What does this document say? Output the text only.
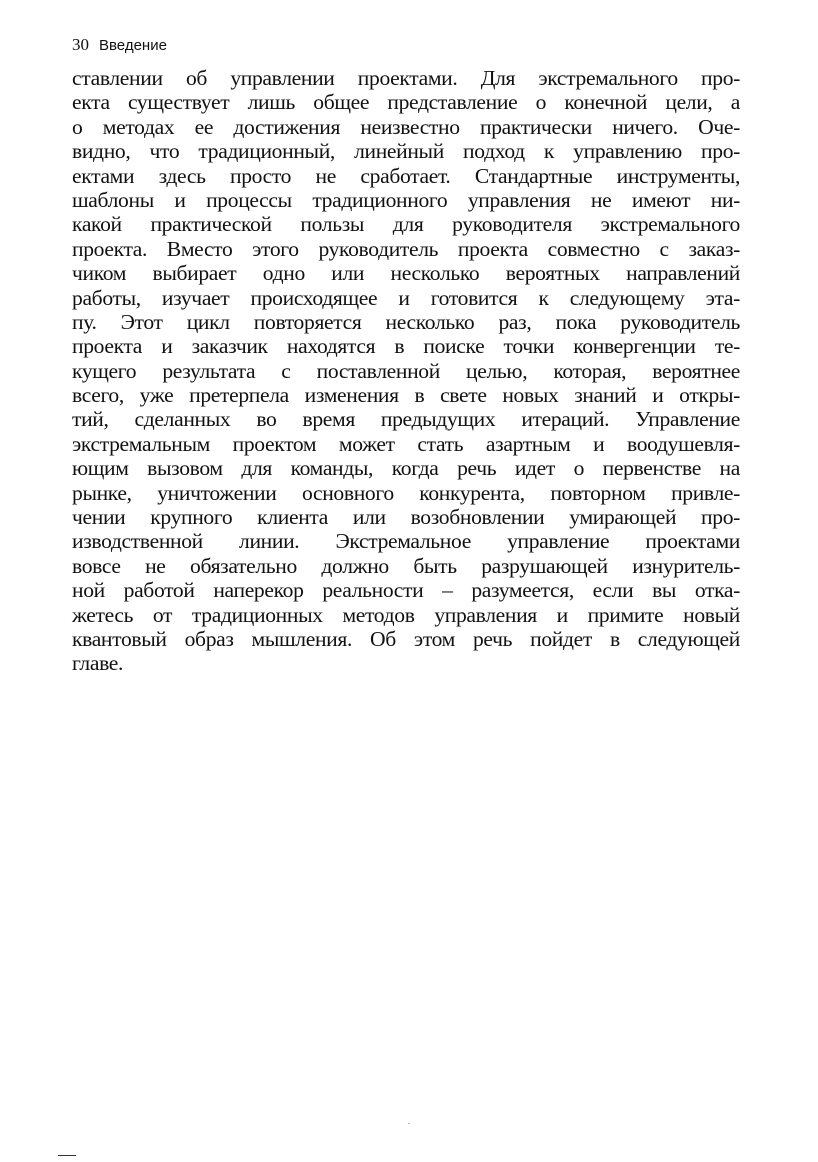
30 Введение
ставлении об управлении проектами. Для экстремального про-
екта существует лишь общее представление о конечной цели, а
о методах ее достижения неизвестно практически ничего. Оче-
видно, что традиционный, линейный подход к управлению про-
ектами здесь просто не сработает. Стандартные инструменты,
шаблоны и процессы традиционного управления не имеют ни-
какой практической пользы для руководителя экстремального
проекта. Вместо этого руководитель проекта совместно с заказ-
чиком выбирает одно или несколько вероятных направлений
работы, изучает происходящее и готовится к следующему эта-
пу. Этот цикл повторяется несколько раз, пока руководитель
проекта и заказчик находятся в поиске точки конвергенции те-
кущего результата с поставленной целью, которая, вероятнее
всего, уже претерпела изменения в свете новых знаний и откры-
тий, сделанных во время предыдущих итераций. Управление
экстремальным проектом может стать азартным и воодушевля-
ющим вызовом для команды, когда речь идет о первенстве на
рынке, уничтожении основного конкурента, повторном привле-
чении крупного клиента или возобновлении умирающей про-
изводственной линии. Экстремальное управление проектами
вовсе не обязательно должно быть разрушающей изнуритель-
ной работой наперекор реальности – разумеется, если вы отка-
жетесь от традиционных методов управления и примите новый
квантовый образ мышления. Об этом речь пойдет в следующей
главе.
